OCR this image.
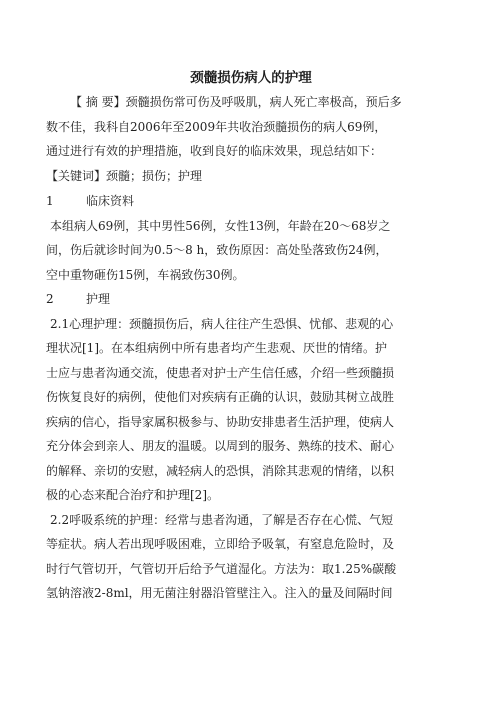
颈髓损伤病人的护理
【 摘 要】颈髓损伤常可伤及呼吸肌，病人死亡率极高，预后多
数不佳，我科自2006年至2009年共收治颈髓损伤的病人69例，
通过进行有效的护理措施，收到良好的临床效果，现总结如下：
【关键词】颈髓；损伤；护理
1	临床资料
本组病人69例，其中男性56例，女性13例，年龄在20～68岁之
间，伤后就诊时间为0.5～8 h，致伤原因：高处坠落致伤24例，
空中重物砸伤15例，车祸致伤30例。
2	护理
2.1心理护理：颈髓损伤后，病人往往产生恐惧、忧郁、悲观的心
理状况[1]。在本组病例中所有患者均产生悲观、厌世的情绪。护
士应与患者沟通交流，使患者对护士产生信任感，介绍一些颈髓损
伤恢复良好的病例，使他们对疾病有正确的认识，鼓励其树立战胜
疾病的信心，指导家属积极参与、协助安排患者生活护理，使病人
充分体会到亲人、朋友的温暖。以周到的服务、熟练的技术、耐心
的解释、亲切的安慰，减轻病人的恐惧，消除其悲观的情绪，以积
极的心态来配合治疗和护理[2]。
2.2呼吸系统的护理：经常与患者沟通，了解是否存在心慌、气短
等症状。病人若出现呼吸困难，立即给予吸氧，有窒息危险时，及
时行气管切开，气管切开后给予气道湿化。方法为：取1.25%碳酸
氢钠溶液2-8ml，用无菌注射器沿管壁注入。注入的量及间隔时间
